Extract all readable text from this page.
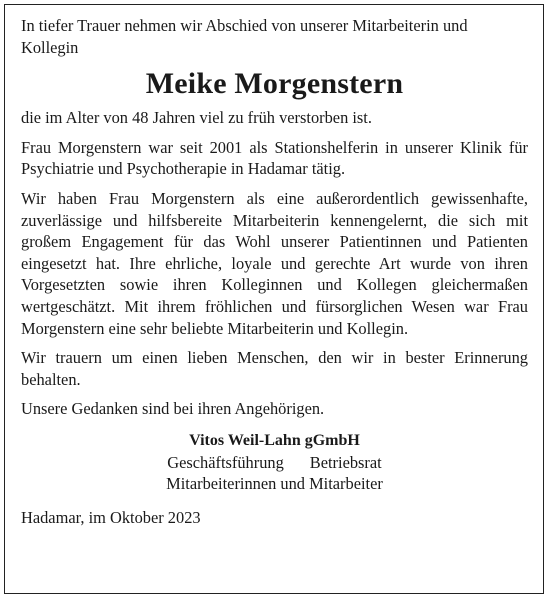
In tiefer Trauer nehmen wir Abschied von unserer Mitarbeiterin und Kollegin

Meike Morgenstern

die im Alter von 48 Jahren viel zu früh verstorben ist.

Frau Morgenstern war seit 2001 als Stationshelferin in unserer Klinik für Psychiatrie und Psychotherapie in Hadamar tätig.

Wir haben Frau Morgenstern als eine außerordentlich gewissenhafte, zuverlässige und hilfsbereite Mitarbeiterin kennengelernt, die sich mit großem Engagement für das Wohl unserer Patientinnen und Patienten eingesetzt hat. Ihre ehrliche, loyale und gerechte Art wurde von ihren Vorgesetzten sowie ihren Kolleginnen und Kollegen gleichermaßen wertgeschätzt. Mit ihrem fröhlichen und fürsorglichen Wesen war Frau Morgenstern eine sehr beliebte Mitarbeiterin und Kollegin.

Wir trauern um einen lieben Menschen, den wir in bester Erinnerung behalten.

Unsere Gedanken sind bei ihren Angehörigen.

Vitos Weil-Lahn gGmbH

Geschäftsführung Betriebsrat

Mitarbeiterinnen und Mitarbeiter

Hadamar, im Oktober 2023
